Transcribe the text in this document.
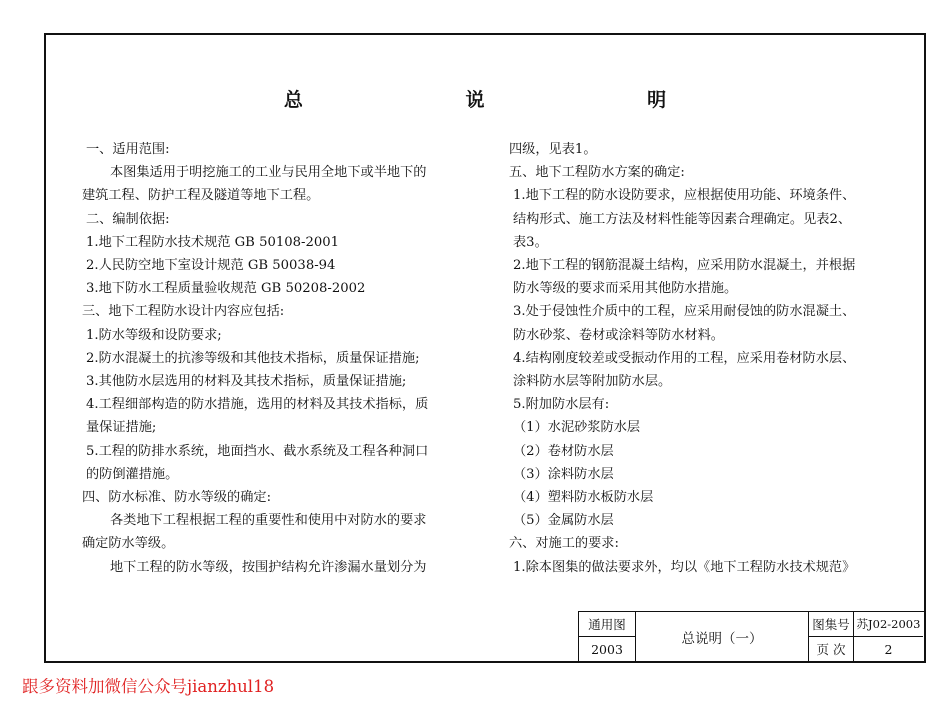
总 说 明
一、适用范围:
本图集适用于明挖施工的工业与民用全地下或半地下的
建筑工程、防护工程及隧道等地下工程。
二、编制依据:
1.地下工程防水技术规范 GB 50108-2001
2.人民防空地下室设计规范 GB 50038-94
3.地下防水工程质量验收规范 GB 50208-2002
三、地下工程防水设计内容应包括:
1.防水等级和设防要求;
2.防水混凝土的抗渗等级和其他技术指标，质量保证措施;
3.其他防水层选用的材料及其技术指标，质量保证措施;
4.工程细部构造的防水措施，选用的材料及其技术指标，质
量保证措施;
5.工程的防排水系统，地面挡水、截水系统及工程各种洞口
的防倒灌措施。
四、防水标准、防水等级的确定:
各类地下工程根据工程的重要性和使用中对防水的要求
确定防水等级。
地下工程的防水等级，按围护结构允许渗漏水量划分为
四级，见表1。
五、地下工程防水方案的确定:
1.地下工程的防水设防要求，应根据使用功能、环境条件、
结构形式、施工方法及材料性能等因素合理确定。见表2、
表3。
2.地下工程的钢筋混凝土结构，应采用防水混凝土，并根据
防水等级的要求而采用其他防水措施。
3.处于侵蚀性介质中的工程，应采用耐侵蚀的防水混凝土、
防水砂浆、卷材或涂料等防水材料。
4.结构刚度较差或受振动作用的工程，应采用卷材防水层、
涂料防水层等附加防水层。
5.附加防水层有:
（1）水泥砂浆防水层
（2）卷材防水层
（3）涂料防水层
（4）塑料防水板防水层
（5）金属防水层
六、对施工的要求:
1.除本图集的做法要求外，均以《地下工程防水技术规范》
通用图
2003
总说明（一）
图集号 苏J02-2003
页 次	2
跟多资料加微信公众号jianzhul18
